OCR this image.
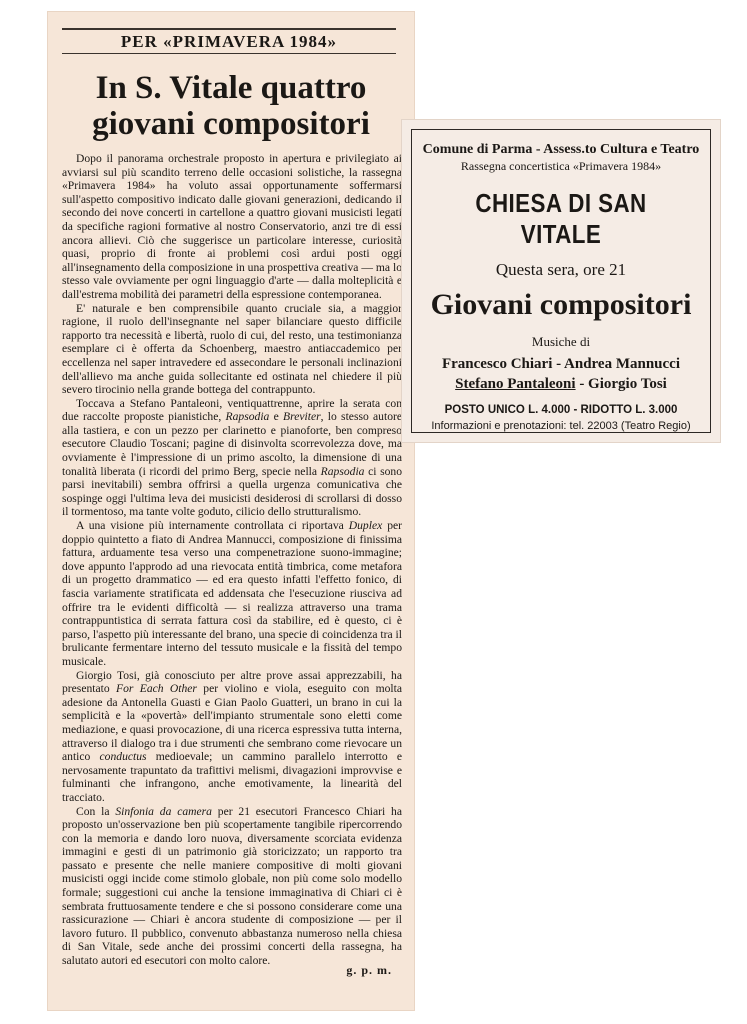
PER «PRIMAVERA 1984»
In S. Vitale quattro
giovani compositori

Dopo il panorama orchestrale proposto in apertura e privilegiato ai avviarsi sul più scandito terreno delle occasioni solistiche, la rassegna «Primavera 1984» ha voluto assai opportunamente soffermarsi sull'aspetto compositivo indicato dalle giovani generazioni, dedicando il secondo dei nove concerti in cartellone a quattro giovani musicisti legati da specifiche ragioni formative al nostro Conservatorio, anzi tre di essi ancora allievi. Ciò che suggerisce un particolare interesse, curiosità quasi, proprio di fronte ai problemi così ardui posti oggi all'insegnamento della composizione in una prospettiva creativa — ma lo stesso vale ovviamente per ogni linguaggio d'arte — dalla molteplicità e dall'estrema mobilità dei parametri della espressione contemporanea.

E' naturale e ben comprensibile quanto cruciale sia, a maggior ragione, il ruolo dell'insegnante nel saper bilanciare questo difficile rapporto tra necessità e libertà, ruolo di cui, del resto, una testimonianza esemplare ci è offerta da Schoenberg, maestro antiaccademico per eccellenza nel saper intravedere ed assecondare le personali inclinazioni dell'allievo ma anche guida sollecitante ed ostinata nel chiedere il più severo tirocinio nella grande bottega del contrappunto.

Toccava a Stefano Pantaleoni, ventiquattrenne, aprire la serata con due raccolte proposte pianistiche, Rapsodia e Breviter, lo stesso autore alla tastiera, e con un pezzo per clarinetto e pianoforte, ben compreso esecutore Claudio Toscani; pagine di disinvolta scorrevolezza dove, ma ovviamente è l'impressione di un primo ascolto, la dimensione di una tonalità liberata (i ricordi del primo Berg, specie nella Rapsodia ci sono parsi inevitabili) sembra offrirsi a quella urgenza comunicativa che sospinge oggi l'ultima leva dei musicisti desiderosi di scrollarsi di dosso il tormentoso, ma tante volte goduto, cilicio dello strutturalismo.

A una visione più internamente controllata ci riportava Duplex per doppio quintetto a fiato di Andrea Mannucci, composizione di finissima fattura, arduamente tesa verso una compenetrazione suono-immagine; dove appunto l'approdo ad una rievocata entità timbrica, come metafora di un progetto drammatico — ed era questo infatti l'effetto fonico, di fascia variamente stratificata ed addensata che l'esecuzione riusciva ad offrire tra le evidenti difficoltà — si realizza attraverso una trama contrappuntistica di serrata fattura così da stabilire, ed è questo, ci è parso, l'aspetto più interessante del brano, una specie di coincidenza tra il brulicante fermentare interno del tessuto musicale e la fissità del tempo musicale.

Giorgio Tosi, già conosciuto per altre prove assai apprezzabili, ha presentato For Each Other per violino e viola, eseguito con molta adesione da Antonella Guasti e Gian Paolo Guatteri, un brano in cui la semplicità e la «povertà» dell'impianto strumentale sono eletti come mediazione, e quasi provocazione, di una ricerca espressiva tutta interna, attraverso il dialogo tra i due strumenti che sembrano come rievocare un antico conductus medioevale; un cammino parallelo interrotto e nervosamente trapuntato da trafittivi melismi, divagazioni improvvise e fulminanti che infrangono, anche emotivamente, la linearità del tracciato.

Con la Sinfonia da camera per 21 esecutori Francesco Chiari ha proposto un'osservazione ben più scopertamente tangibile ripercorrendo con la memoria e dando loro nuova, diversamente scorciata evidenza immagini e gesti di un patrimonio già storicizzato; un rapporto tra passato e presente che nelle maniere compositive di molti giovani musicisti oggi incide come stimolo globale, non più come solo modello formale; suggestioni cui anche la tensione immaginativa di Chiari ci è sembrata fruttuosamente tendere e che si possono considerare come una rassicurazione — Chiari è ancora studente di composizione — per il lavoro futuro. Il pubblico, convenuto abbastanza numeroso nella chiesa di San Vitale, sede anche dei prossimi concerti della rassegna, ha salutato autori ed esecutori con molto calore.

g. p. m.
Comune di Parma - Assess.to Cultura e Teatro
Rassegna concertistica «Primavera 1984»
CHIESA DI SAN VITALE
Questa sera, ore 21
Giovani compositori
Musiche di
Francesco Chiari - Andrea Mannucci
Stefano Pantaleoni - Giorgio Tosi
POSTO UNICO L. 4.000 - RIDOTTO L. 3.000
Informazioni e prenotazioni: tel. 22003 (Teatro Regio)
